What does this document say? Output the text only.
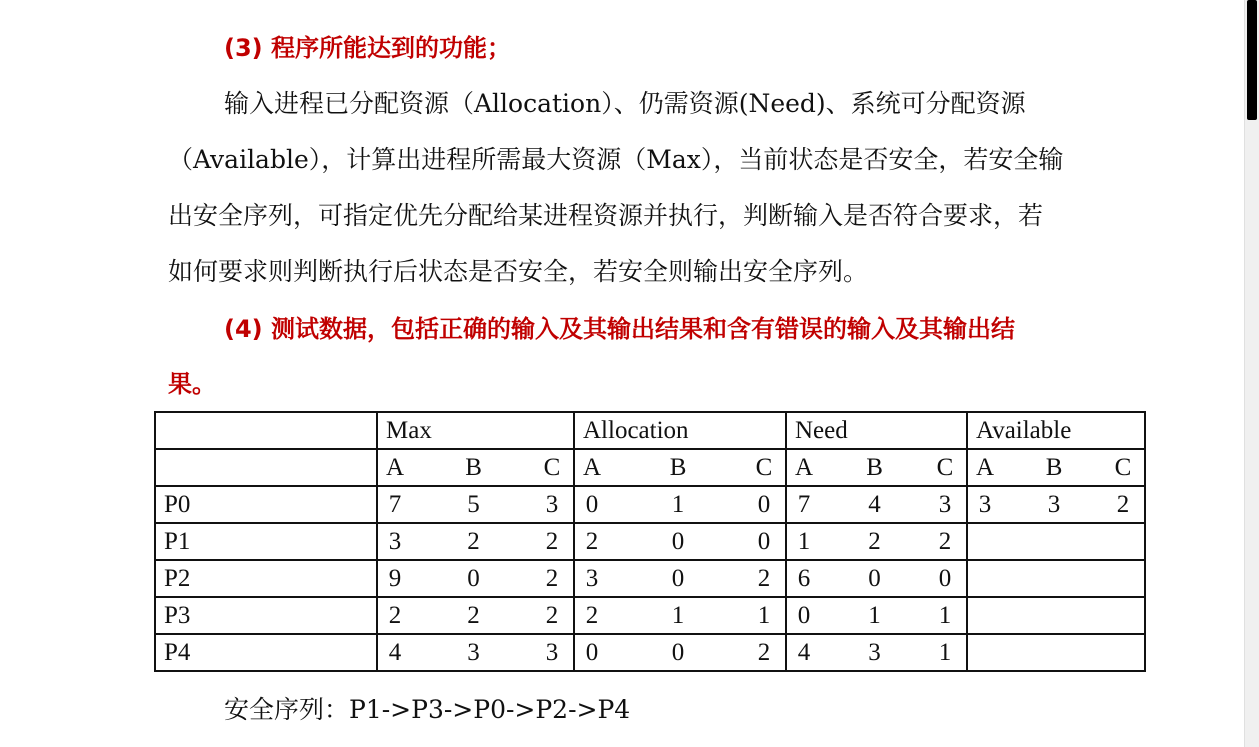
(3) 程序所能达到的功能；
输入进程已分配资源（Allocation）、仍需资源(Need)、系统可分配资源
（Available），计算出进程所需最大资源（Max），当前状态是否安全，若安全输
出安全序列，可指定优先分配给某进程资源并执行，判断输入是否符合要求，若
如何要求则判断执行后状态是否安全，若安全则输出安全序列。
(4) 测试数据，包括正确的输入及其输出结果和含有错误的输入及其输出结
果。
	Max	Allocation	Need	Available

	A B C	A B C	A B C	A B C

P0	7 5 3	0 1 0	7 4 3	3 3 2

P1	3 2 2	2 0 0	1 2 2	

P2	9 0 2	3 0 2	6 0 0	

P3	2 2 2	2 1 1	0 1 1	

P4	4 3 3	0 0 2	4 3 1	

安全序列：P1->P3->P0->P2->P4
